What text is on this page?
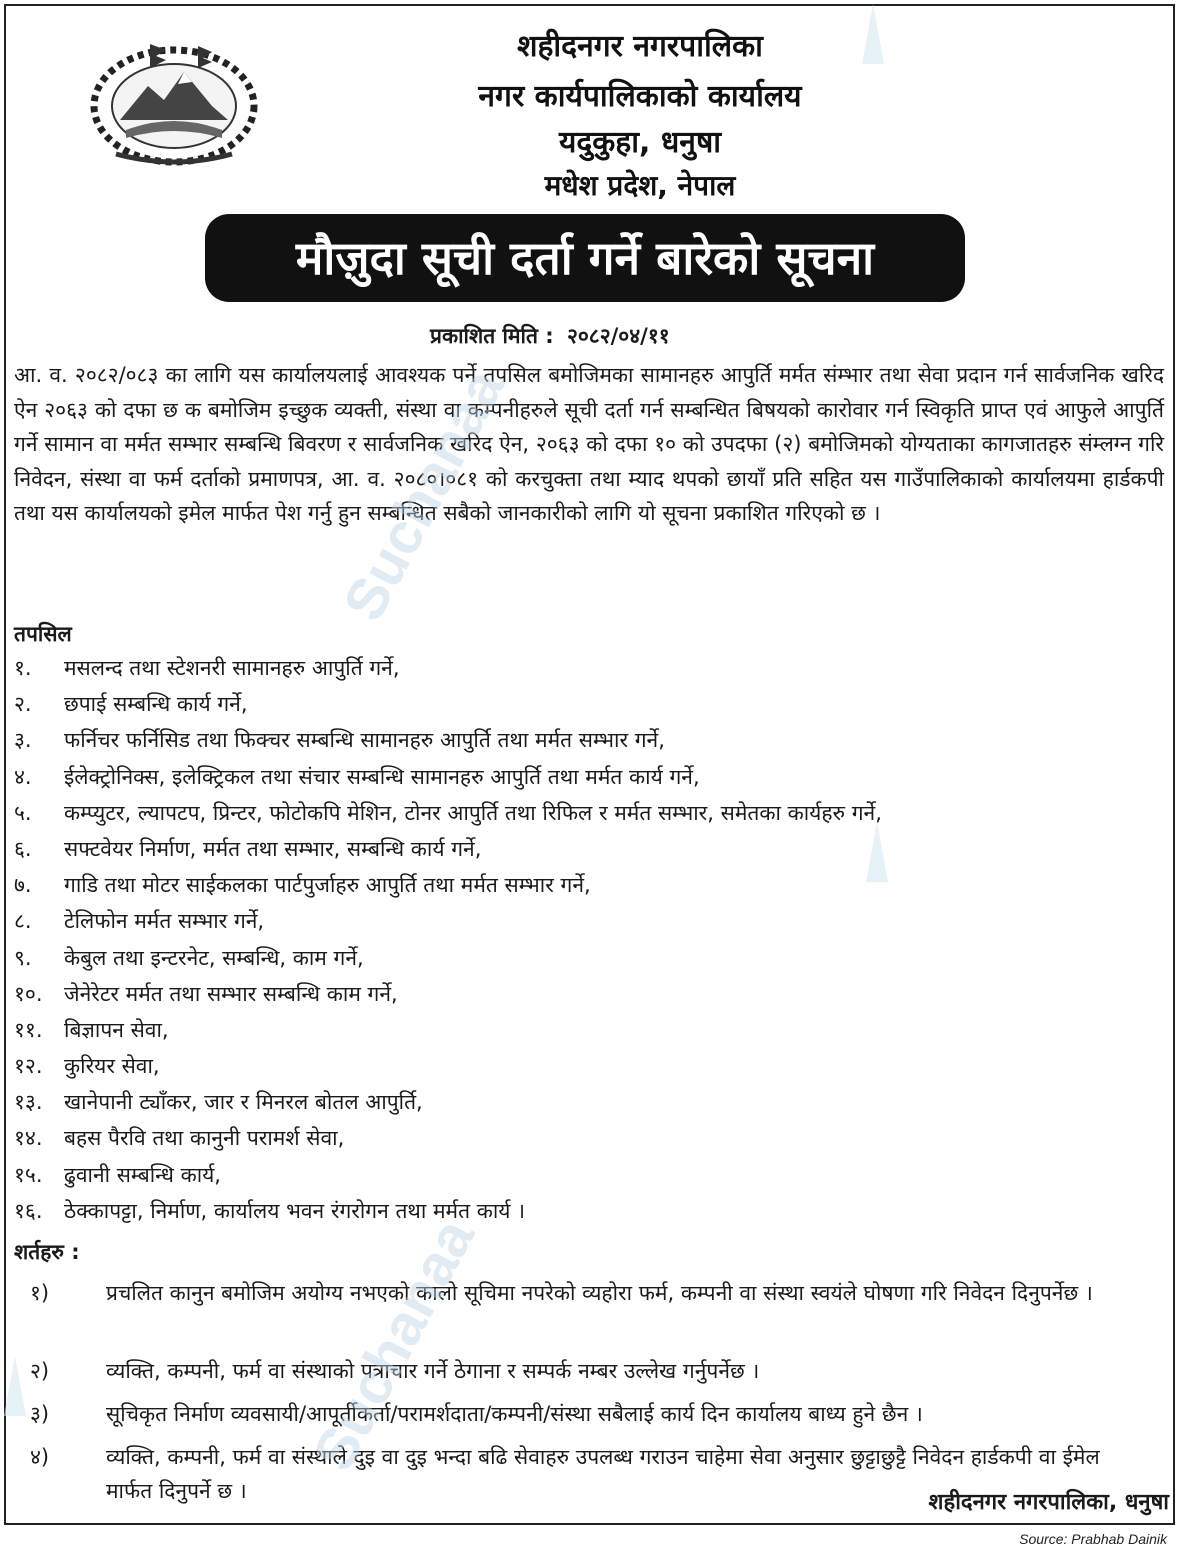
शहीदनगर नगरपालिका
नगर कार्यपालिकाको कार्यालय
यदुकुहा, धनुषा
मधेश प्रदेश, नेपाल
मौज़ुदा सूची दर्ता गर्ने बारेको सूचना
प्रकाशित मिति : २०८२/०४/११

आ. व. २०८२/०८३ का लागि यस कार्यालयलाई आवश्यक पर्ने तपसिल बमोजिमका सामानहरु आपुर्ति मर्मत संम्भार तथा सेवा प्रदान गर्न सार्वजनिक खरिद ऐन २०६३ को दफा छ क बमोजिम इच्छुक व्यक्ती, संस्था वा कम्पनीहरुले सूची दर्ता गर्न सम्बन्धित बिषयको कारोवार गर्न स्विकृति प्राप्त एवं आफुले आपुर्ति गर्ने सामान वा मर्मत सम्भार सम्बन्धि बिवरण र सार्वजनिक खरिद ऐन, २०६३ को दफा १० को उपदफा (२) बमोजिमको योग्यताका कागजातहरु संम्लग्न गरि निवेदन, संस्था वा फर्म दर्ताको प्रमाणपत्र, आ. व. २०८०।०८१ को करचुक्ता तथा म्याद थपको छायाँ प्रति सहित यस गाउँपालिकाको कार्यालयमा हार्डकपी तथा यस कार्यालयको इमेल मार्फत पेश गर्नु हुन सम्बन्धित सबैको जानकारीको लागि यो सूचना प्रकाशित गरिएको छ ।

तपसिल
१.	मसलन्द तथा स्टेशनरी सामानहरु आपुर्ति गर्ने,
२.	छपाई सम्बन्धि कार्य गर्ने,
३.	फर्निचर फर्निसिड तथा फिक्चर सम्बन्धि सामानहरु आपुर्ति तथा मर्मत सम्भार गर्ने,
४.	ईलेक्ट्रोनिक्स, इलेक्ट्रिकल तथा संचार सम्बन्धि सामानहरु आपुर्ति तथा मर्मत कार्य गर्ने,
५.	कम्प्युटर, ल्यापटप, प्रिन्टर, फोटोकपि मेशिन, टोनर आपुर्ति तथा रिफिल र मर्मत सम्भार, समेतका कार्यहरु गर्ने,
६.	सफ्टवेयर निर्माण, मर्मत तथा सम्भार, सम्बन्धि कार्य गर्ने,
७.	गाडि तथा मोटर साईकलका पार्टपुर्जाहरु आपुर्ति तथा मर्मत सम्भार गर्ने,
८.	टेलिफोन मर्मत सम्भार गर्ने,
९.	केबुल तथा इन्टरनेट, सम्बन्धि, काम गर्ने,
१०.	जेनेरेटर मर्मत तथा सम्भार सम्बन्धि काम गर्ने,
११.	बिज्ञापन सेवा,
१२.	कुरियर सेवा,
१३.	खानेपानी ट्याँकर, जार र मिनरल बोतल आपुर्ति,
१४.	बहस पैरवि तथा कानुनी परामर्श सेवा,
१५.	ढुवानी सम्बन्धि कार्य,
१६.	ठेक्कापट्टा, निर्माण, कार्यालय भवन रंगरोगन तथा मर्मत कार्य ।
शर्तहरु :
१)	प्रचलित कानुन बमोजिम अयोग्य नभएको कालो सूचिमा नपरेको व्यहोरा फर्म, कम्पनी वा संस्था स्वयंले घोषणा गरि निवेदन दिनुपर्नेछ ।
२)	व्यक्ति, कम्पनी, फर्म वा संस्थाको पत्राचार गर्ने ठेगाना र सम्पर्क नम्बर उल्लेख गर्नुपर्नेछ ।
३)	सूचिकृत निर्माण व्यवसायी/आपूर्तीकर्ता/परामर्शदाता/कम्पनी/संस्था सबैलाई कार्य दिन कार्यालय बाध्य हुने छैन ।
४)	व्यक्ति, कम्पनी, फर्म वा संस्थाले दुइ वा दुइ भन्दा बढि सेवाहरु उपलब्ध गराउन चाहेमा सेवा अनुसार छुट्टाछुट्टै निवेदन हार्डकपी वा ईमेल मार्फत दिनुपर्ने छ ।	शहीदनगर नगरपालिका, धनुषा
Source: Prabhab Dainik
Suchanaa
Suchanaa
